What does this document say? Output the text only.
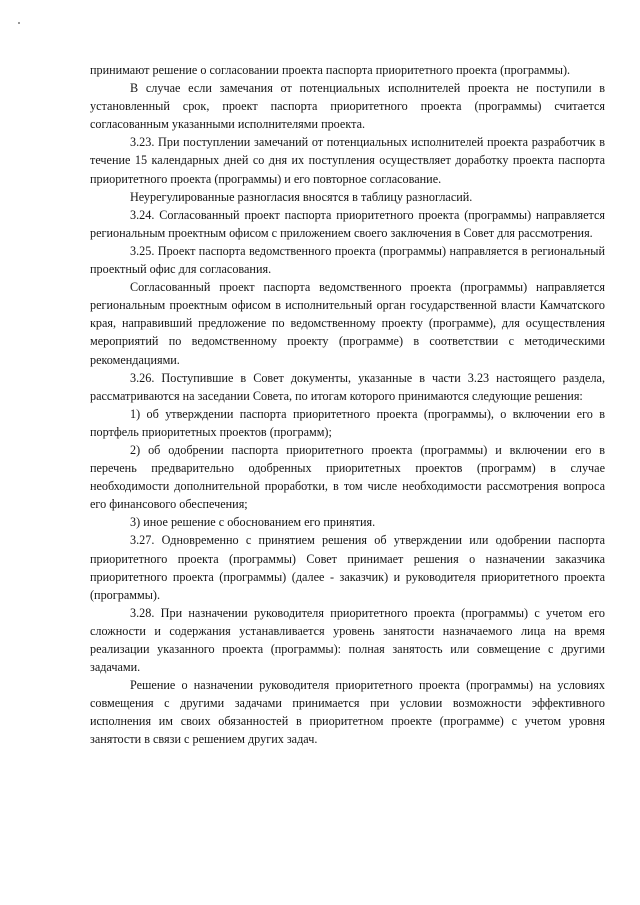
принимают решение о согласовании проекта паспорта приоритетного проекта (программы).

В случае если замечания от потенциальных исполнителей проекта не поступили в установленный срок, проект паспорта приоритетного проекта (программы) считается согласованным указанными исполнителями проекта.

3.23. При поступлении замечаний от потенциальных исполнителей проекта разработчик в течение 15 календарных дней со дня их поступления осуществляет доработку проекта паспорта приоритетного проекта (программы) и его повторное согласование.

Неурегулированные разногласия вносятся в таблицу разногласий.

3.24. Согласованный проект паспорта приоритетного проекта (программы) направляется региональным проектным офисом с приложением своего заключения в Совет для рассмотрения.

3.25. Проект паспорта ведомственного проекта (программы) направляется в региональный проектный офис для согласования.

Согласованный проект паспорта ведомственного проекта (программы) направляется региональным проектным офисом в исполнительный орган государственной власти Камчатского края, направивший предложение по ведомственному проекту (программе), для осуществления мероприятий по ведомственному проекту (программе) в соответствии с методическими рекомендациями.

3.26. Поступившие в Совет документы, указанные в части 3.23 настоящего раздела, рассматриваются на заседании Совета, по итогам которого принимаются следующие решения:

1) об утверждении паспорта приоритетного проекта (программы), о включении его в портфель приоритетных проектов (программ);

2) об одобрении паспорта приоритетного проекта (программы) и включении его в перечень предварительно одобренных приоритетных проектов (программ) в случае необходимости дополнительной проработки, в том числе необходимости рассмотрения вопроса его финансового обеспечения;

3) иное решение с обоснованием его принятия.

3.27. Одновременно с принятием решения об утверждении или одобрении паспорта приоритетного проекта (программы) Совет принимает решения о назначении заказчика приоритетного проекта (программы) (далее - заказчик) и руководителя приоритетного проекта (программы).

3.28. При назначении руководителя приоритетного проекта (программы) с учетом его сложности и содержания устанавливается уровень занятости назначаемого лица на время реализации указанного проекта (программы): полная занятость или совмещение с другими задачами.

Решение о назначении руководителя приоритетного проекта (программы) на условиях совмещения с другими задачами принимается при условии возможности эффективного исполнения им своих обязанностей в приоритетном проекте (программе) с учетом уровня занятости в связи с решением других задач.
